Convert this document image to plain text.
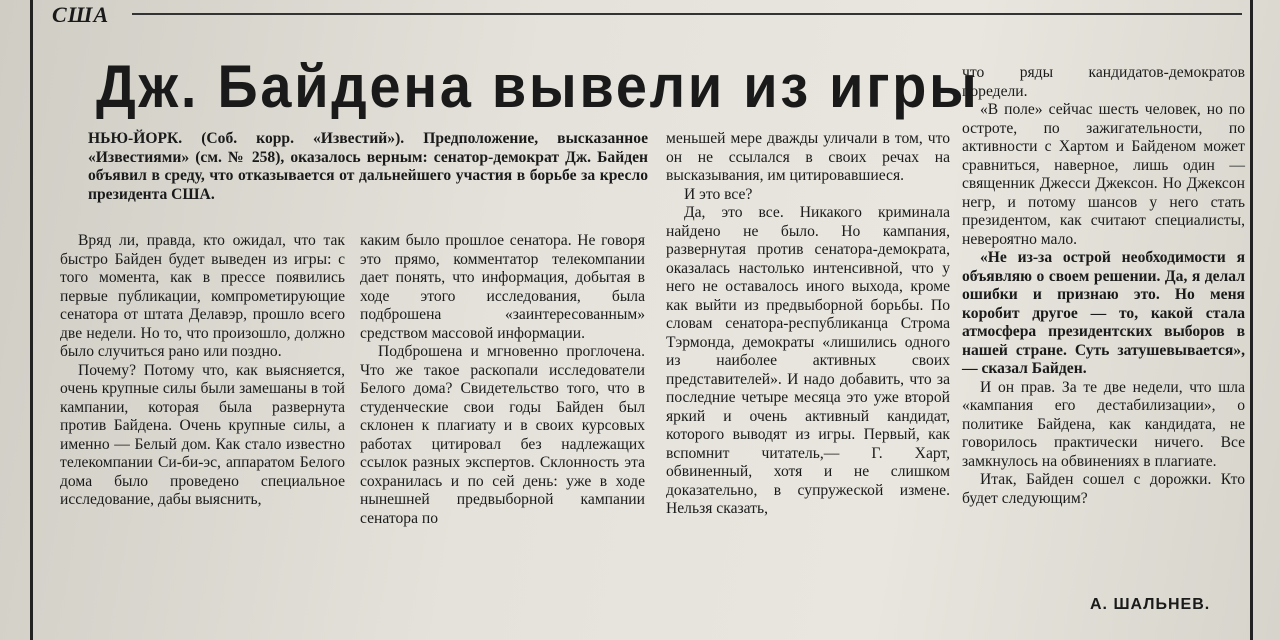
США
Дж. Байдена вывели из игры
НЬЮ-ЙОРК. (Соб. корр. «Известий»). Предположение, высказанное «Известиями» (см. № 258), оказалось верным: сенатор-демократ Дж. Байден объявил в среду, что отказывается от дальнейшего участия в борьбе за кресло президента США.

Вряд ли, правда, кто ожидал, что так быстро Байден будет выведен из игры: с того момента, как в прессе появились первые публикации, компрометирующие сенатора от штата Делавэр, прошло всего две недели. Но то, что произошло, должно было случиться рано или поздно.

Почему? Потому что, как выясняется, очень крупные силы были замешаны в той кампании, которая была развернута против Байдена. Очень крупные силы, а именно — Белый дом. Как стало известно телекомпании Си-би-эс, аппаратом Белого дома было проведено специальное исследование, дабы выяснить,

каким было прошлое сенатора. Не говоря это прямо, комментатор телекомпании дает понять, что информация, добытая в ходе этого исследования, была подброшена «заинтересованным» средством массовой информации.

Подброшена и мгновенно проглочена. Что же такое раскопали исследователи Белого дома? Свидетельство того, что в студенческие свои годы Байден был склонен к плагиату и в своих курсовых работах цитировал без надлежащих ссылок разных экспертов. Склонность эта сохранилась и по сей день: уже в ходе нынешней предвыборной кампании сенатора по

меньшей мере дважды уличали в том, что он не ссылался в своих речах на высказывания, им цитировавшиеся.

И это все?

Да, это все. Никакого криминала найдено не было. Но кампания, развернутая против сенатора-демократа, оказалась настолько интенсивной, что у него не оставалось иного выхода, кроме как выйти из предвыборной борьбы. По словам сенатора-республиканца Строма Тэрмонда, демократы «лишились одного из наиболее активных своих представителей». И надо добавить, что за последние четыре месяца это уже второй яркий и очень активный кандидат, которого выводят из игры. Первый, как вспомнит читатель,— Г. Харт, обвиненный, хотя и не слишком доказательно, в супружеской измене. Нельзя сказать,

что ряды кандидатов-демократов поредели.

«В поле» сейчас шесть человек, но по остроте, по зажигательности, по активности с Хартом и Байденом может сравниться, наверное, лишь один — священник Джесси Джексон. Но Джексон негр, и потому шансов у него стать президентом, как считают специалисты, невероятно мало.

«Не из-за острой необходимости я объявляю о своем решении. Да, я делал ошибки и признаю это. Но меня коробит другое — то, какой стала атмосфера президентских выборов в нашей стране. Суть затушевывается», — сказал Байден.

И он прав. За те две недели, что шла «кампания его дестабилизации», о политике Байдена, как кандидата, не говорилось практически ничего. Все замкнулось на обвинениях в плагиате.

Итак, Байден сошел с дорожки. Кто будет следующим?

А. ШАЛЬНЕВ.
